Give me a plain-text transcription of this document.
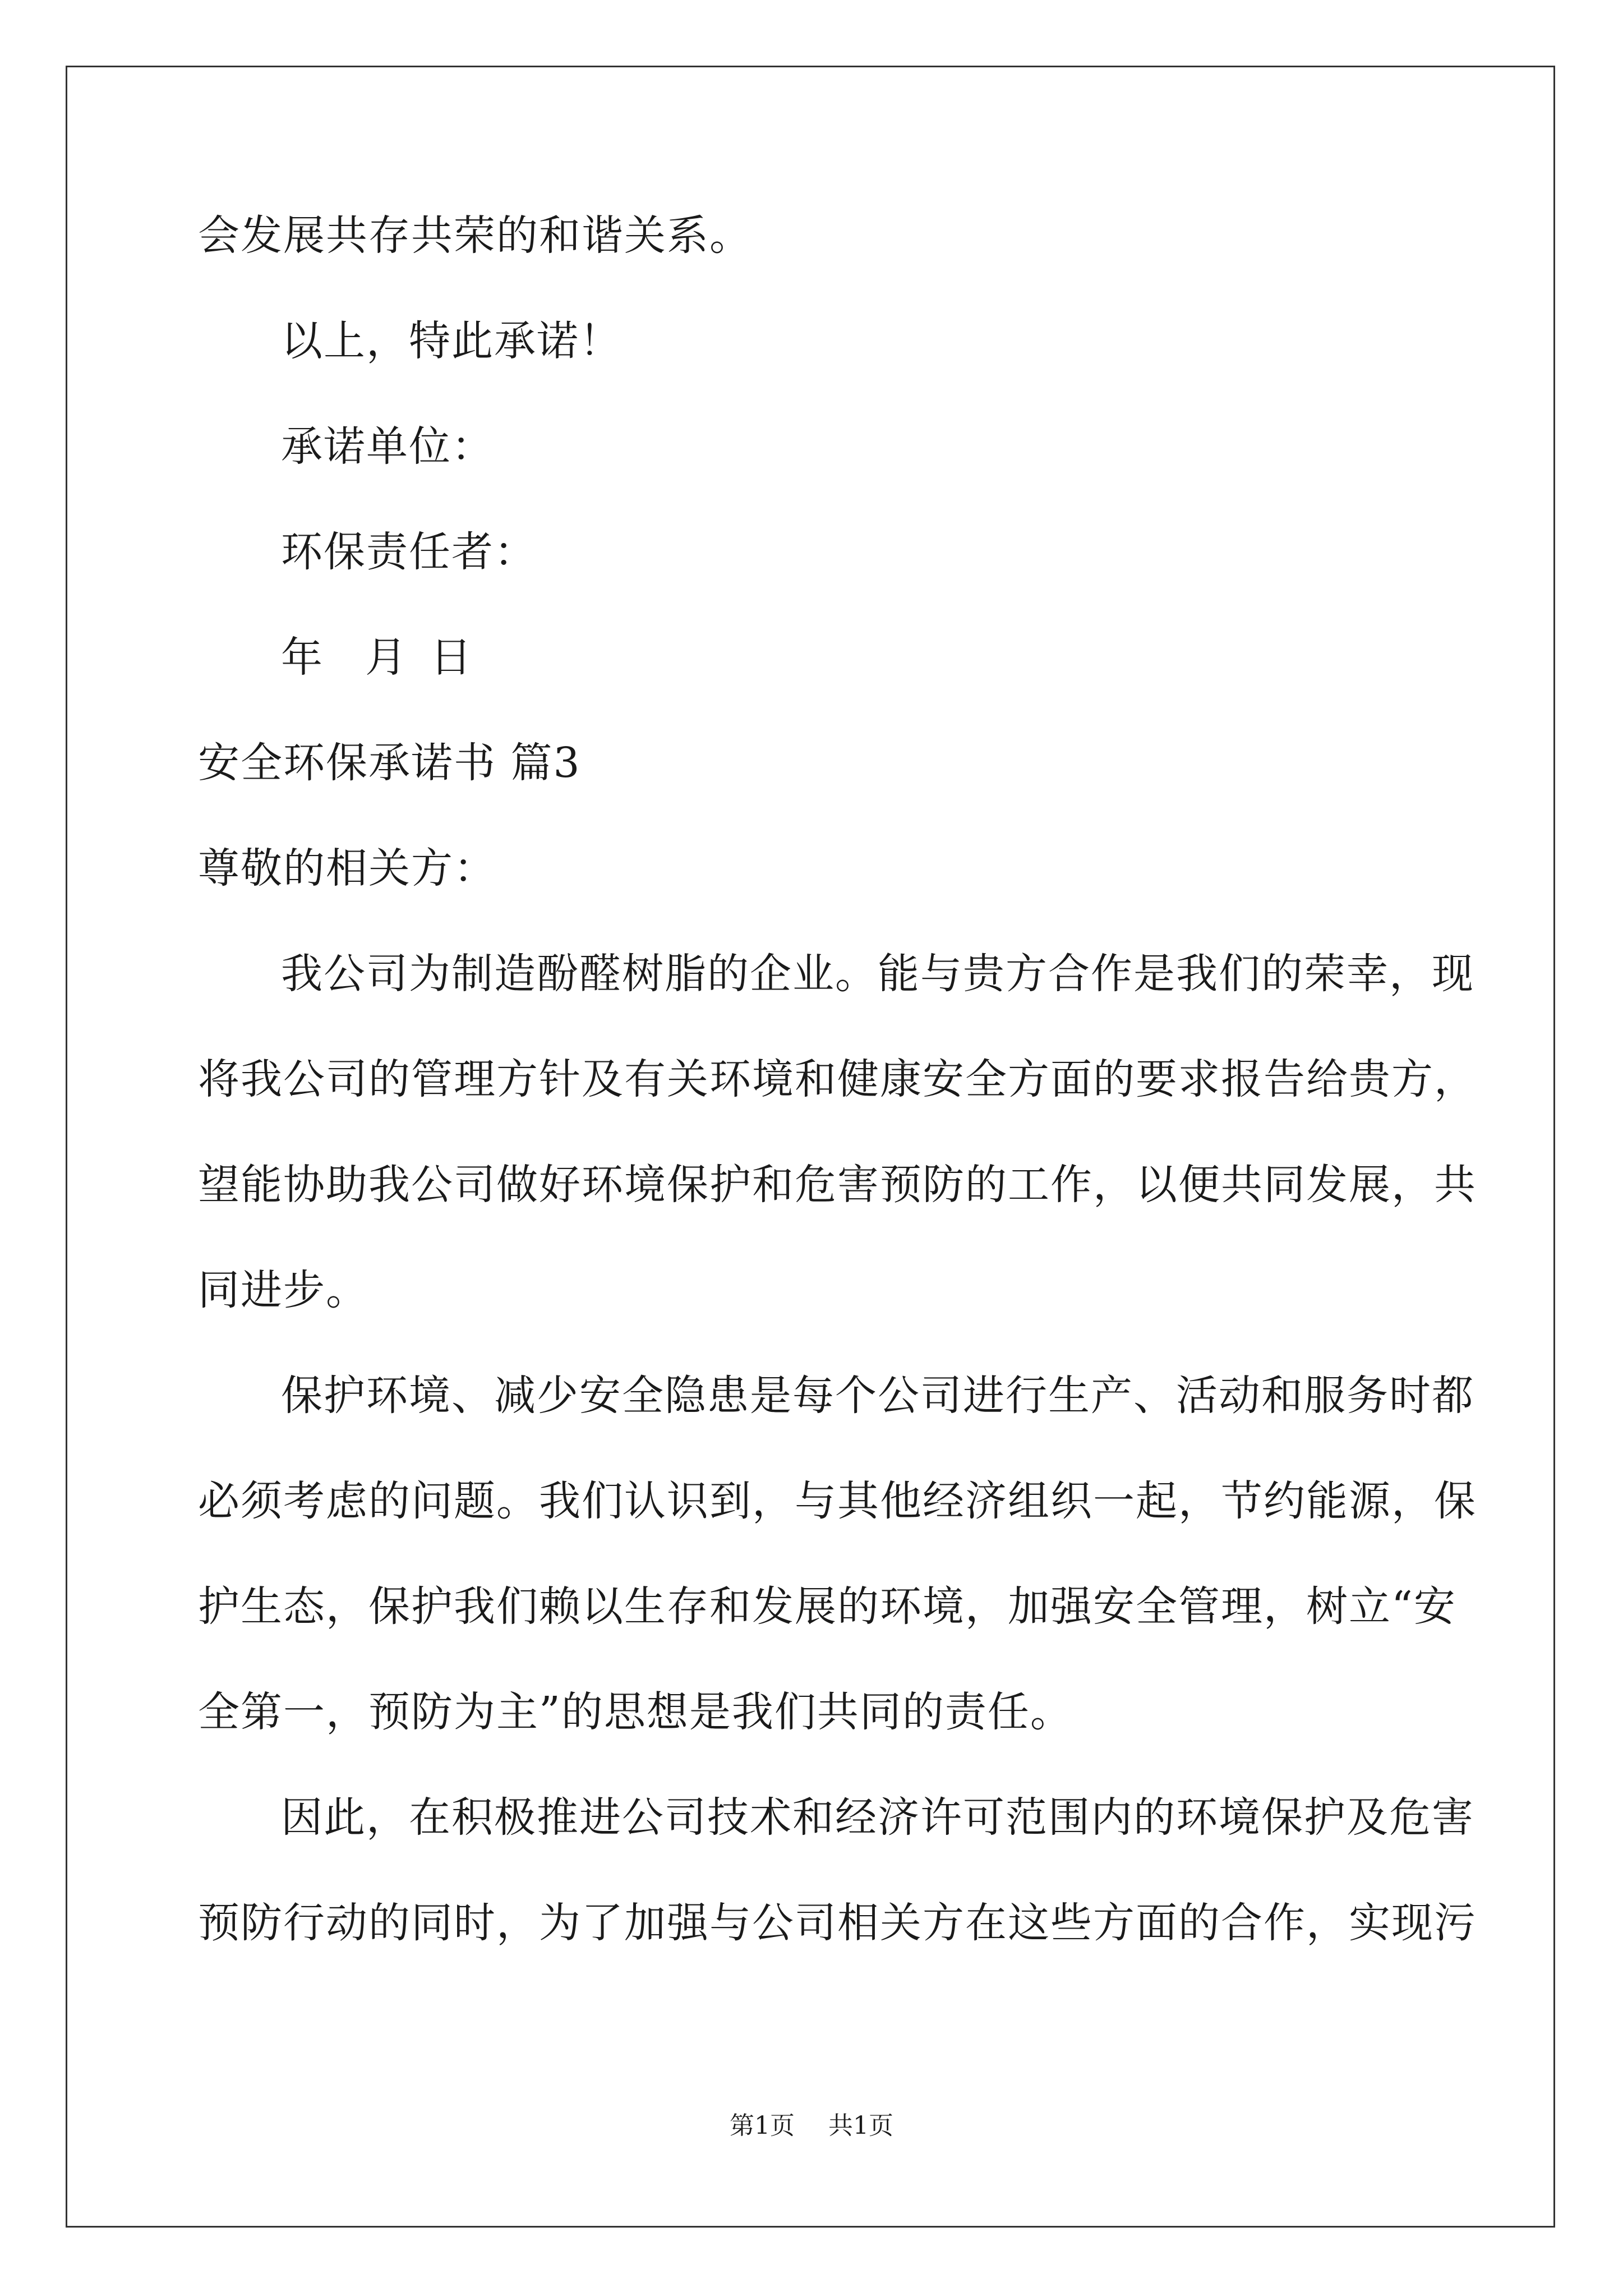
会发展共存共荣的和谐关系。
以上，特此承诺！
承诺单位：
环保责任者：
年 月 日
安全环保承诺书 篇3
尊敬的相关方：
我公司为制造酚醛树脂的企业。能与贵方合作是我们的荣幸，现
将我公司的管理方针及有关环境和健康安全方面的要求报告给贵方，
望能协助我公司做好环境保护和危害预防的工作，以便共同发展，共
同进步。
保护环境、减少安全隐患是每个公司进行生产、活动和服务时都
必须考虑的问题。我们认识到，与其他经济组织一起，节约能源，保
护生态，保护我们赖以生存和发展的环境，加强安全管理，树立“安
全第一，预防为主”的思想是我们共同的责任。
因此，在积极推进公司技术和经济许可范围内的环境保护及危害
预防行动的同时，为了加强与公司相关方在这些方面的合作，实现污
第1页 共1页
